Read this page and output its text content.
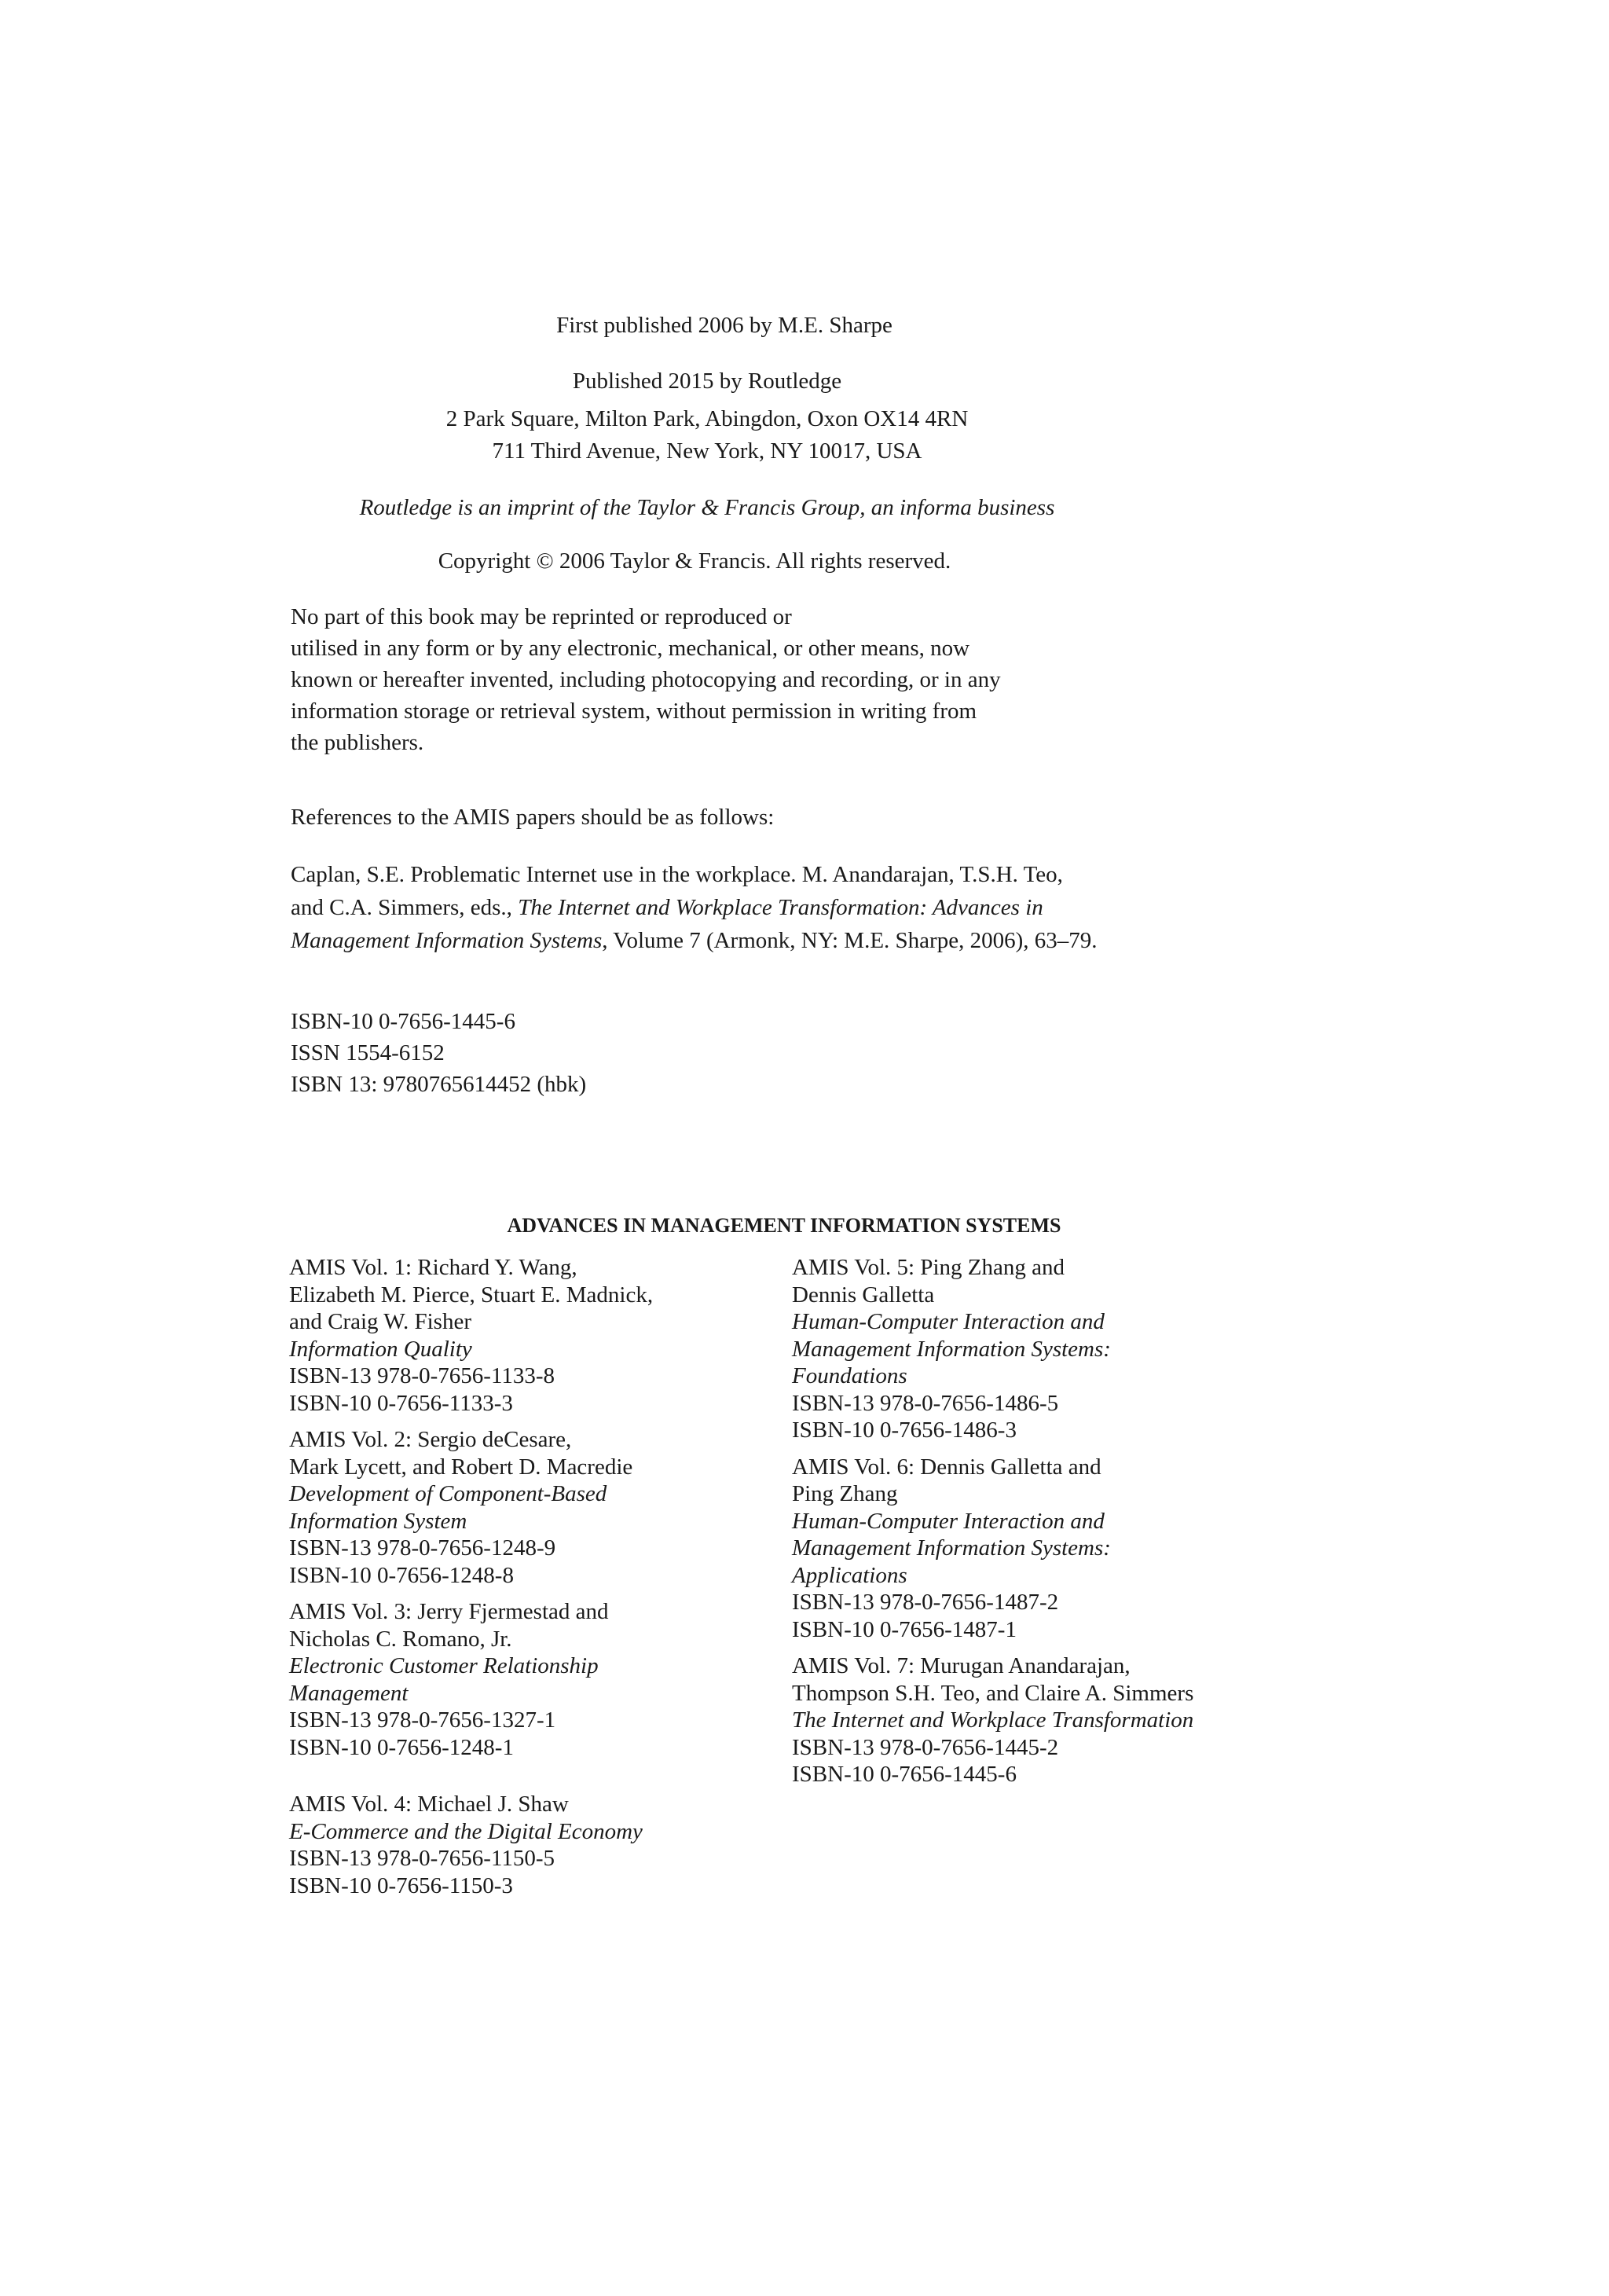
First published 2006 by M.E. Sharpe
Published 2015 by Routledge
2 Park Square, Milton Park, Abingdon, Oxon OX14 4RN
711 Third Avenue, New York, NY 10017, USA
Routledge is an imprint of the Taylor & Francis Group, an informa business
Copyright © 2006 Taylor & Francis. All rights reserved.
No part of this book may be reprinted or reproduced or
utilised in any form or by any electronic, mechanical, or other means, now
known or hereafter invented, including photocopying and recording, or in any
information storage or retrieval system, without permission in writing from
the publishers.
References to the AMIS papers should be as follows:
Caplan, S.E. Problematic Internet use in the workplace. M. Anandarajan, T.S.H. Teo,
and C.A. Simmers, eds., The Internet and Workplace Transformation: Advances in
Management Information Systems, Volume 7 (Armonk, NY: M.E. Sharpe, 2006), 63–79.
ISBN-10 0-7656-1445-6
ISSN 1554-6152
ISBN 13: 9780765614452 (hbk)
ADVANCES IN MANAGEMENT INFORMATION SYSTEMS
AMIS Vol. 1: Richard Y. Wang,
Elizabeth M. Pierce, Stuart E. Madnick,
and Craig W. Fisher
Information Quality
ISBN-13 978-0-7656-1133-8
ISBN-10 0-7656-1133-3
AMIS Vol. 2: Sergio deCesare,
Mark Lycett, and Robert D. Macredie
Development of Component-Based
Information System
ISBN-13 978-0-7656-1248-9
ISBN-10 0-7656-1248-8
AMIS Vol. 3: Jerry Fjermestad and
Nicholas C. Romano, Jr.
Electronic Customer Relationship
Management
ISBN-13 978-0-7656-1327-1
ISBN-10 0-7656-1248-1
AMIS Vol. 4: Michael J. Shaw
E-Commerce and the Digital Economy
ISBN-13 978-0-7656-1150-5
ISBN-10 0-7656-1150-3
AMIS Vol. 5: Ping Zhang and
Dennis Galletta
Human-Computer Interaction and
Management Information Systems:
Foundations
ISBN-13 978-0-7656-1486-5
ISBN-10 0-7656-1486-3
AMIS Vol. 6: Dennis Galletta and
Ping Zhang
Human-Computer Interaction and
Management Information Systems:
Applications
ISBN-13 978-0-7656-1487-2
ISBN-10 0-7656-1487-1
AMIS Vol. 7: Murugan Anandarajan,
Thompson S.H. Teo, and Claire A. Simmers
The Internet and Workplace Transformation
ISBN-13 978-0-7656-1445-2
ISBN-10 0-7656-1445-6
